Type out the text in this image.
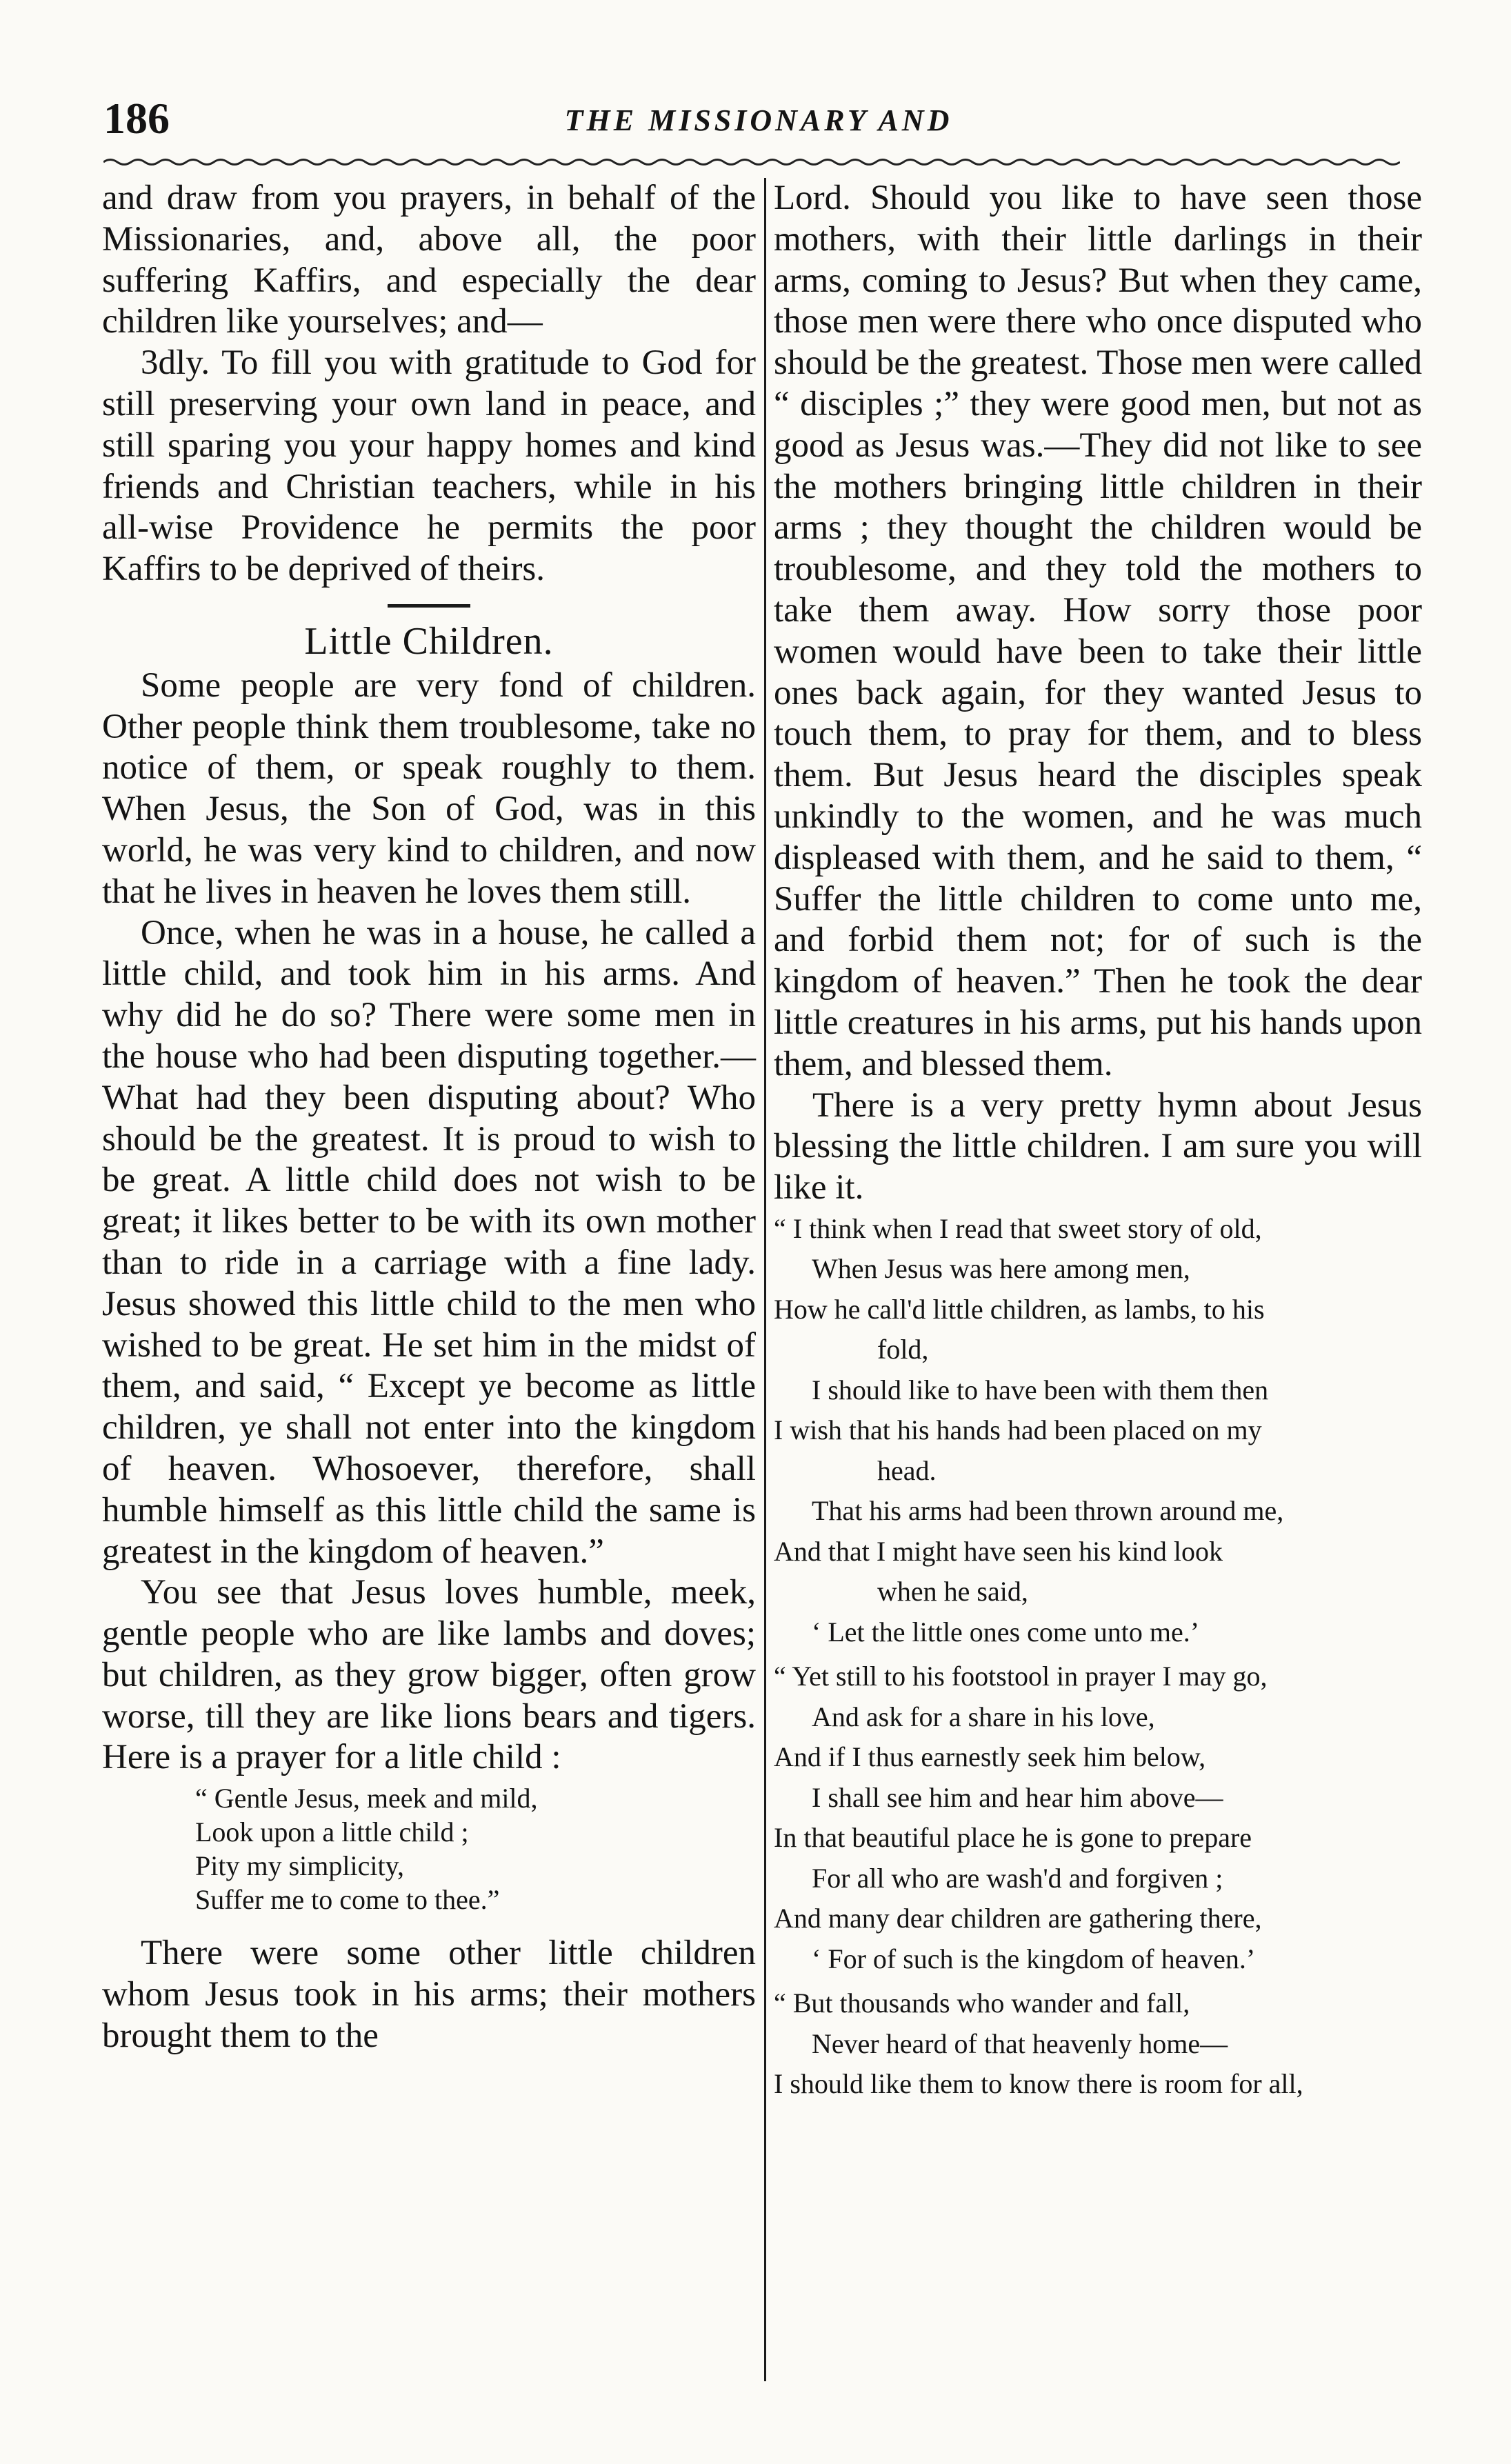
186	THE MISSIONARY AND

and draw from you prayers, in behalf of the Missionaries, and, above all, the poor suffering Kaffirs, and especially the dear children like yourselves; and—

3dly. To fill you with gratitude to God for still preserving your own land in peace, and still sparing you your happy homes and kind friends and Christian teachers, while in his all-wise Providence he permits the poor Kaffirs to be deprived of theirs.

Little Children.

Some people are very fond of children. Other people think them troublesome, take no notice of them, or speak roughly to them. When Jesus, the Son of God, was in this world, he was very kind to children, and now that he lives in heaven he loves them still.

Once, when he was in a house, he called a little child, and took him in his arms. And why did he do so? There were some men in the house who had been disputing together.—What had they been disputing about? Who should be the greatest. It is proud to wish to be great. A little child does not wish to be great; it likes better to be with its own mother than to ride in a carriage with a fine lady. Jesus showed this little child to the men who wished to be great. He set him in the midst of them, and said, “ Except ye become as little children, ye shall not enter into the kingdom of heaven. Whosoever, therefore, shall humble himself as this little child the same is greatest in the kingdom of heaven.”

You see that Jesus loves humble, meek, gentle people who are like lambs and doves; but children, as they grow bigger, often grow worse, till they are like lions bears and tigers. Here is a prayer for a litle child :

“ Gentle Jesus, meek and mild,
Look upon a little child ;
Pity my simplicity,
Suffer me to come to thee.”

There were some other little children whom Jesus took in his arms; their mothers brought them to the

Lord. Should you like to have seen those mothers, with their little darlings in their arms, coming to Jesus? But when they came, those men were there who once disputed who should be the greatest. Those men were called “ disciples ;” they were good men, but not as good as Jesus was.—They did not like to see the mothers bringing little children in their arms ; they thought the children would be troublesome, and they told the mothers to take them away. How sorry those poor women would have been to take their little ones back again, for they wanted Jesus to touch them, to pray for them, and to bless them. But Jesus heard the disciples speak unkindly to the women, and he was much displeased with them, and he said to them, “ Suffer the little children to come unto me, and forbid them not; for of such is the kingdom of heaven.” Then he took the dear little creatures in his arms, put his hands upon them, and blessed them.

There is a very pretty hymn about Jesus blessing the little children. I am sure you will like it.

“ I think when I read that sweet story of old,
When Jesus was here among men,
How he call'd little children, as lambs, to his
fold,
I should like to have been with them then
I wish that his hands had been placed on my
head.
That his arms had been thrown around me,
And that I might have seen his kind look
when he said,
‘ Let the little ones come unto me.’
“ Yet still to his footstool in prayer I may go,
And ask for a share in his love,
And if I thus earnestly seek him below,
I shall see him and hear him above—
In that beautiful place he is gone to prepare
For all who are wash'd and forgiven ;
And many dear children are gathering there,
‘ For of such is the kingdom of heaven.’
“ But thousands who wander and fall,
Never heard of that heavenly home—
I should like them to know there is room for all,
